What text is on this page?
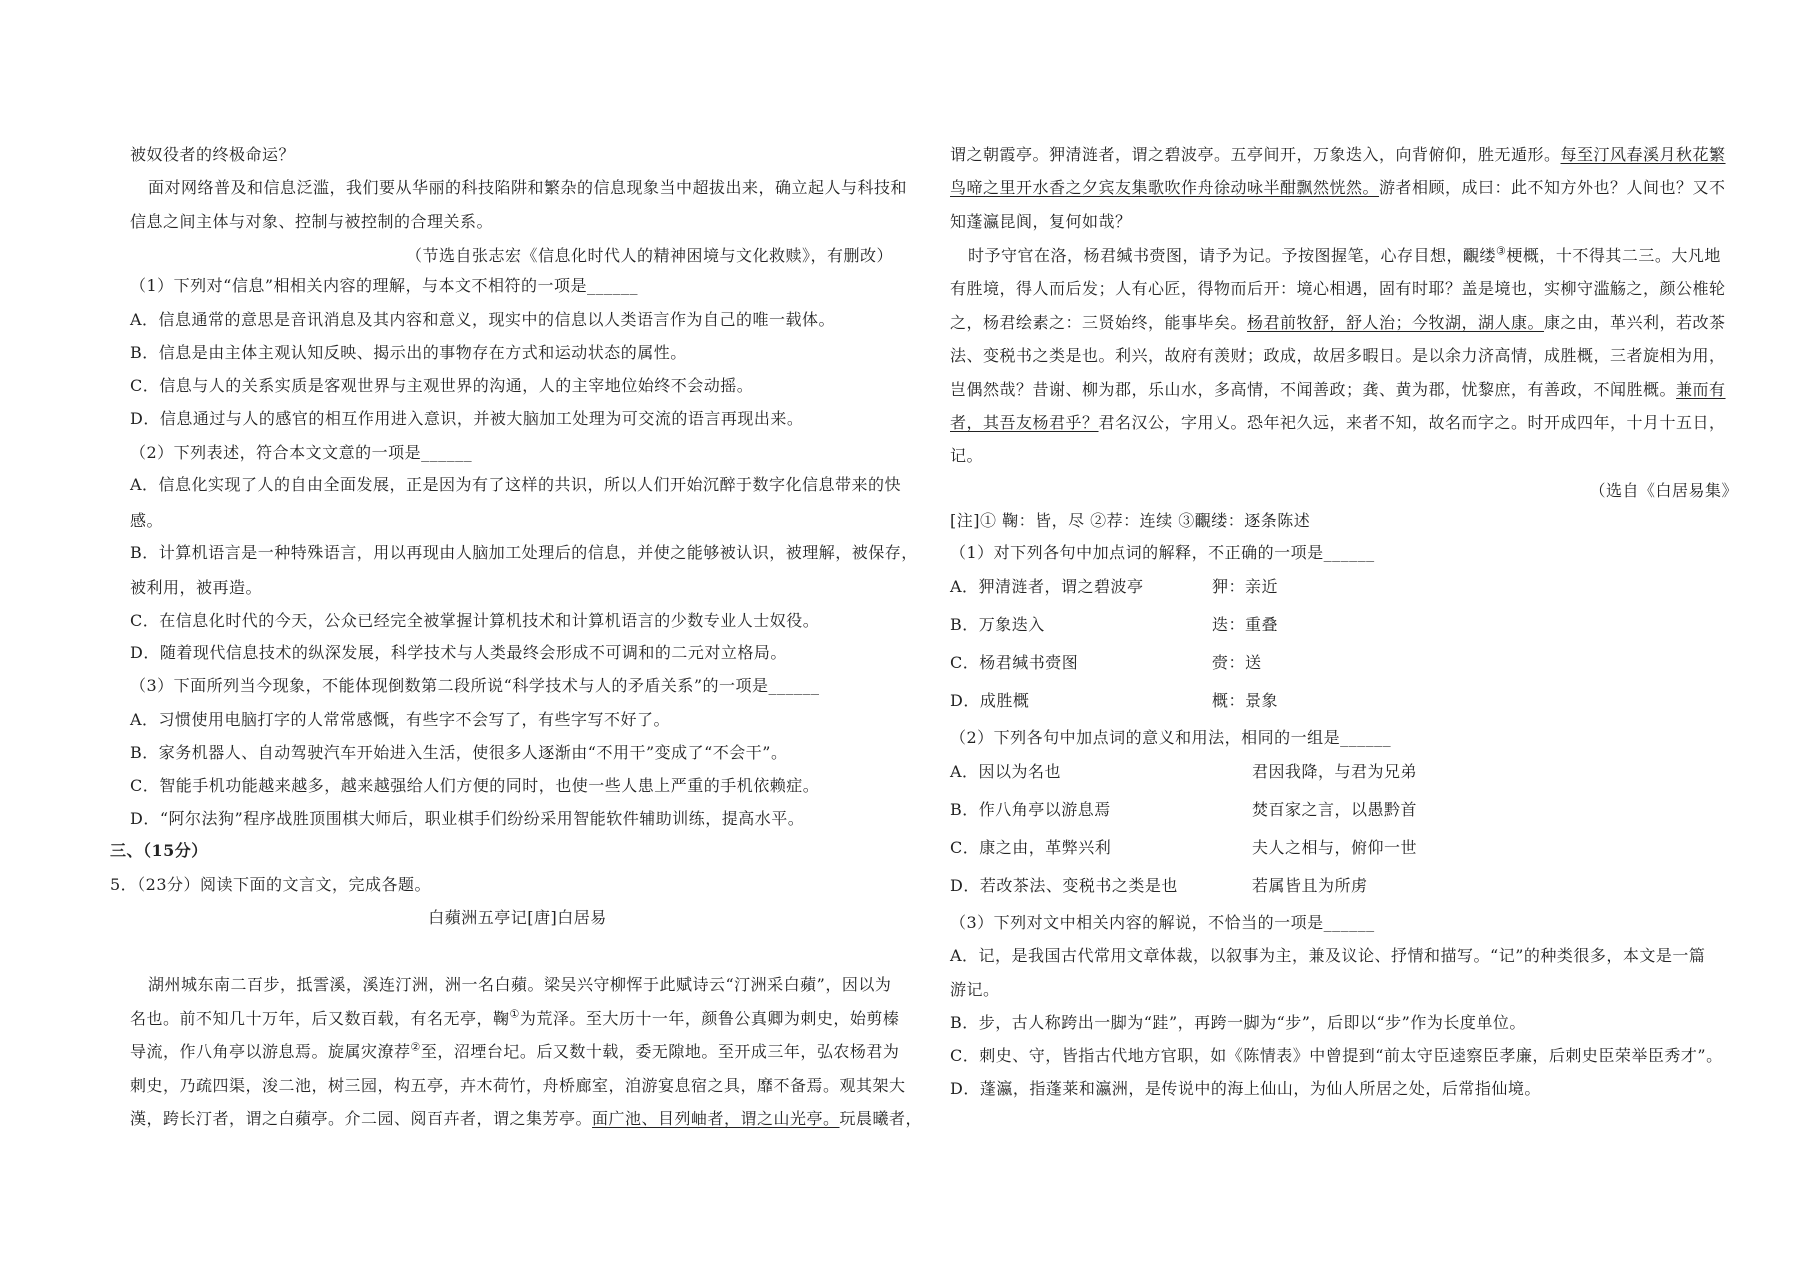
被奴役者的终极命运？
面对网络普及和信息泛滥，我们要从华丽的科技陷阱和繁杂的信息现象当中超拔出来，确立起人与科技和
信息之间主体与对象、控制与被控制的合理关系。
（节选自张志宏《信息化时代人的精神困境与文化救赎》，有删改）
（1）下列对“信息”相相关内容的理解，与本文不相符的一项是______
A．信息通常的意思是音讯消息及其内容和意义，现实中的信息以人类语言作为自己的唯一载体。
B．信息是由主体主观认知反映、揭示出的事物存在方式和运动状态的属性。
C．信息与人的关系实质是客观世界与主观世界的沟通，人的主宰地位始终不会动摇。
D．信息通过与人的感官的相互作用进入意识，并被大脑加工处理为可交流的语言再现出来。
（2）下列表述，符合本文文意的一项是______
A．信息化实现了人的自由全面发展，正是因为有了这样的共识，所以人们开始沉醉于数字化信息带来的快
感。
B．计算机语言是一种特殊语言，用以再现由人脑加工处理后的信息，并使之能够被认识，被理解，被保存，
被利用，被再造。
C．在信息化时代的今天，公众已经完全被掌握计算机技术和计算机语言的少数专业人士奴役。
D．随着现代信息技术的纵深发展，科学技术与人类最终会形成不可调和的二元对立格局。
（3）下面所列当今现象，不能体现倒数第二段所说“科学技术与人的矛盾关系”的一项是______
A．习惯使用电脑打字的人常常感慨，有些字不会写了，有些字写不好了。
B．家务机器人、自动驾驶汽车开始进入生活，使很多人逐渐由“不用干”变成了“不会干”。
C．智能手机功能越来越多，越来越强给人们方便的同时，也使一些人患上严重的手机依赖症。
D．“阿尔法狗”程序战胜顶围棋大师后，职业棋手们纷纷采用智能软件辅助训练，提高水平。
三、（15分）
5．（23分）阅读下面的文言文，完成各题。
白蘋洲五亭记[唐]白居易
湖州城东南二百步，抵霅溪，溪连汀洲，洲一名白蘋。梁吴兴守柳恽于此赋诗云“汀洲采白蘋”，因以为
名也。前不知几十万年，后又数百载，有名无亭，鞠①为荒泽。至大历十一年，颜鲁公真卿为刺史，始剪榛
导流，作八角亭以游息焉。旋属灾潦荐②至，沼堙台圮。后又数十载，委无隙地。至开成三年，弘农杨君为
刺史，乃疏四渠，浚二池，树三园，构五亭，卉木荷竹，舟桥廊室，洎游宴息宿之具，靡不备焉。观其架大
漢，跨长汀者，谓之白蘋亭。介二园、阅百卉者，谓之集芳亭。面广池、目列岫者，谓之山光亭。玩晨曦者，
谓之朝霞亭。狎清涟者，谓之碧波亭。五亭间开，万象迭入，向背俯仰，胜无遁形。每至汀风春溪月秋花繁
鸟啼之里开水香之夕宾友集歌吹作舟徐动咏半酣飘然恍然。游者相顾，成曰：此不知方外也？人间也？又不
知蓬瀛昆阆，复何如哉？
时予守官在洛，杨君缄书赍图，请予为记。予按图握笔，心存目想，覼缕③梗概，十不得其二三。大凡地
有胜境，得人而后发；人有心匠，得物而后开：境心相遇，固有时耶？盖是境也，实柳守滥觞之，颜公椎轮
之，杨君绘素之：三贤始终，能事毕矣。杨君前牧舒，舒人治；今牧湖，湖人康。康之由，革兴利，若改茶
法、变税书之类是也。利兴，故府有羡财；政成，故居多暇日。是以余力济高情，成胜概，三者旋相为用，
岂偶然哉？昔谢、柳为郡，乐山水，多高情，不闻善政；龚、黄为郡，忧黎庶，有善政，不闻胜概。兼而有
者，其吾友杨君乎？君名汉公，字用乂。恐年祀久远，来者不知，故名而字之。时开成四年，十月十五日，
记。
（选自《白居易集》
[注]① 鞠：皆，尽 ②荐：连续 ③覼缕：逐条陈述
（1）对下列各句中加点词的解释，不正确的一项是______
A．狎清涟者，谓之碧波亭	狎：亲近
B．万象迭入	迭：重叠
C．杨君缄书赍图	赍：送
D．成胜概	概：景象
（2）下列各句中加点词的意义和用法，相同的一组是______
A．因以为名也	君因我降，与君为兄弟
B．作八角亭以游息焉	焚百家之言，以愚黔首
C．康之由，革弊兴利	夫人之相与，俯仰一世
D．若改茶法、变税书之类是也	若属皆且为所虏
（3）下列对文中相关内容的解说，不恰当的一项是______
A．记，是我国古代常用文章体裁，以叙事为主，兼及议论、抒情和描写。“记”的种类很多，本文是一篇
游记。
B．步，古人称跨出一脚为“跬”，再跨一脚为“步”，后即以“步”作为长度单位。
C．刺史、守，皆指古代地方官职，如《陈情表》中曾提到“前太守臣逵察臣孝廉，后刺史臣荣举臣秀才”。
D．蓬瀛，指蓬莱和瀛洲，是传说中的海上仙山，为仙人所居之处，后常指仙境。
